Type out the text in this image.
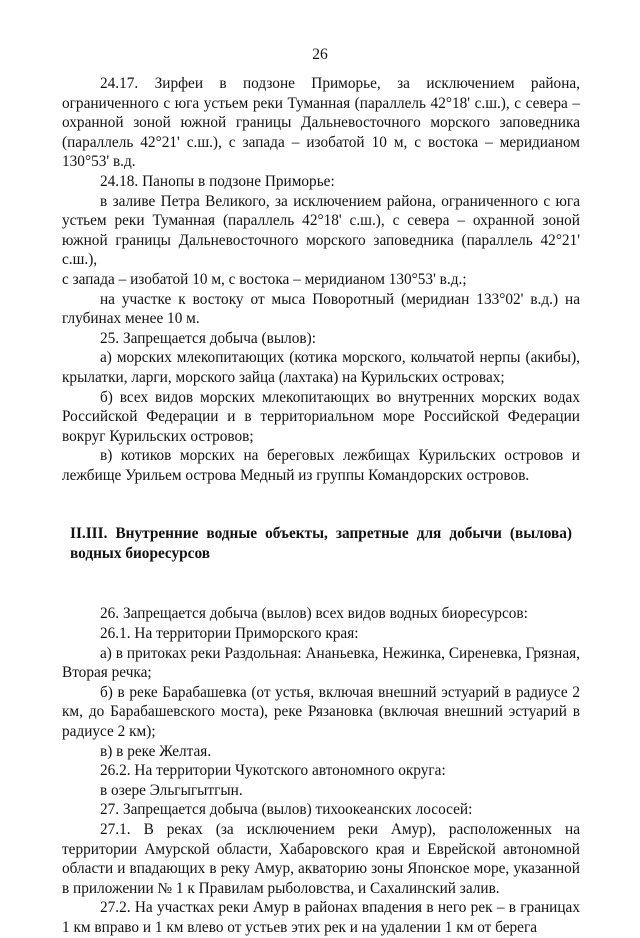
26

24.17. Зирфеи в подзоне Приморье, за исключением района, ограниченного с юга устьем реки Туманная (параллель 42°18' с.ш.), с севера – охранной зоной южной границы Дальневосточного морского заповедника (параллель 42°21' с.ш.), с запада – изобатой 10 м, с востока – меридианом 130°53' в.д.

24.18. Панопы в подзоне Приморье:

в заливе Петра Великого, за исключением района, ограниченного с юга устьем реки Туманная (параллель 42°18' с.ш.), с севера – охранной зоной южной границы Дальневосточного морского заповедника (параллель 42°21' с.ш.),

с запада – изобатой 10 м, с востока – меридианом 130°53' в.д.;

на участке к востоку от мыса Поворотный (меридиан 133°02' в.д.) на глубинах менее 10 м.

25. Запрещается добыча (вылов):

а) морских млекопитающих (котика морского, кольчатой нерпы (акибы), крылатки, ларги, морского зайца (лахтака) на Курильских островах;

б) всех видов морских млекопитающих во внутренних морских водах Российской Федерации и в территориальном море Российской Федерации вокруг Курильских островов;

в) котиков морских на береговых лежбищах Курильских островов и лежбище Урильем острова Медный из группы Командорских островов.

II.III. Внутренние водные объекты, запретные для добычи (вылова) водных биоресурсов

26. Запрещается добыча (вылов) всех видов водных биоресурсов:

26.1. На территории Приморского края:

а) в притоках реки Раздольная: Ананьевка, Нежинка, Сиреневка, Грязная, Вторая речка;

б) в реке Барабашевка (от устья, включая внешний эстуарий в радиусе 2 км, до Барабашевского моста), реке Рязановка (включая внешний эстуарий в радиусе 2 км);

в) в реке Желтая.

26.2. На территории Чукотского автономного округа:

в озере Эльгыгытгын.

27. Запрещается добыча (вылов) тихоокеанских лососей:

27.1. В реках (за исключением реки Амур), расположенных на территории Амурской области, Хабаровского края и Еврейской автономной области и впадающих в реку Амур, акваторию зоны Японское море, указанной в приложении № 1 к Правилам рыболовства, и Сахалинский залив.

27.2. На участках реки Амур в районах впадения в него рек – в границах 1 км вправо и 1 км влево от устьев этих рек и на удалении 1 км от берега
